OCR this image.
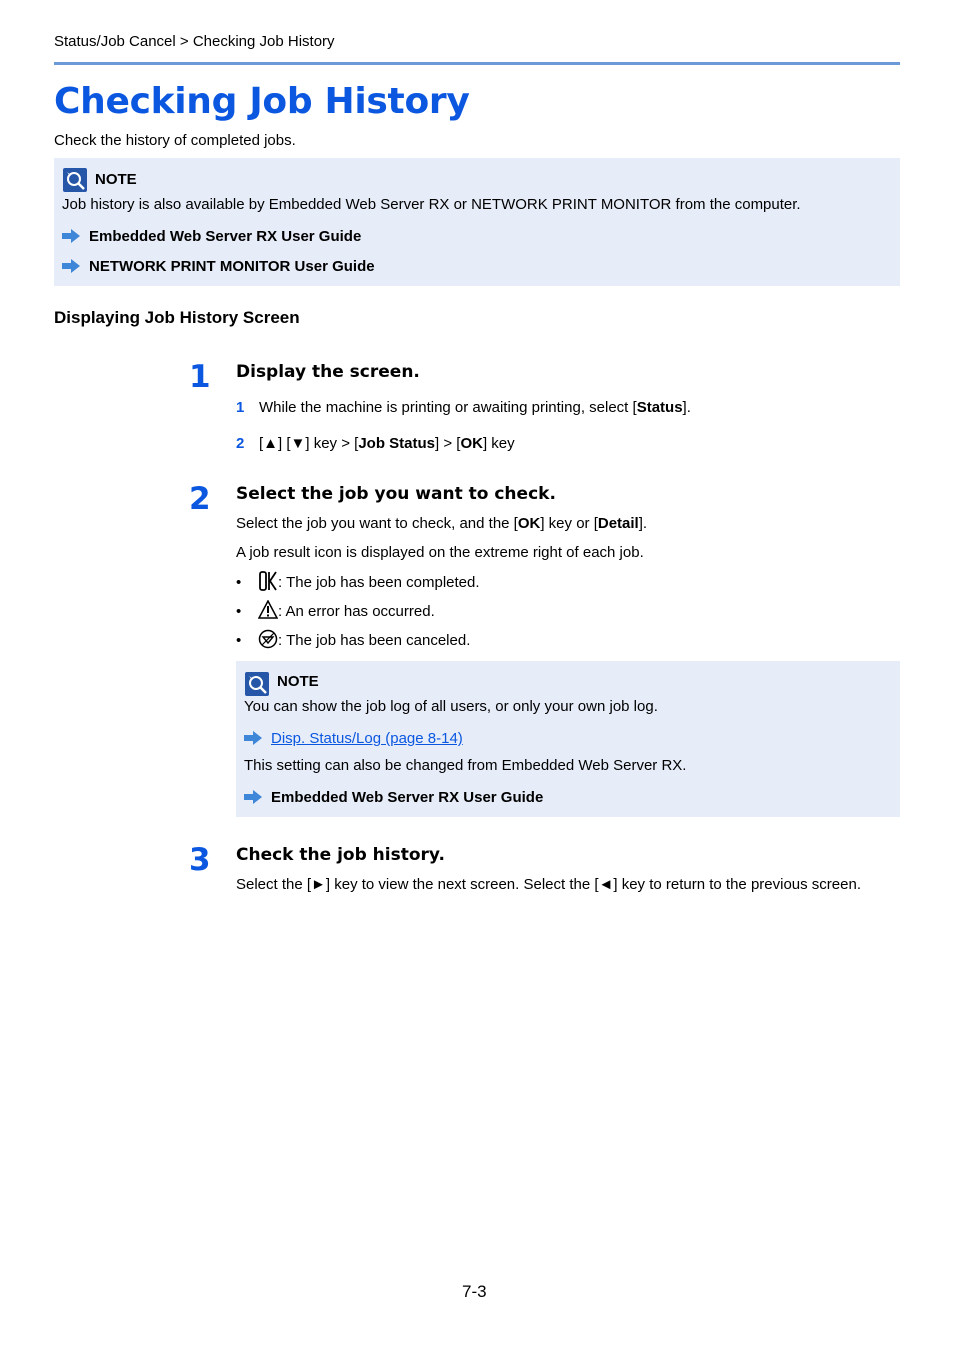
Status/Job Cancel > Checking Job History
Checking Job History
Check the history of completed jobs.
NOTE
Job history is also available by Embedded Web Server RX or NETWORK PRINT MONITOR from the computer.
Embedded Web Server RX User Guide
NETWORK PRINT MONITOR User Guide
Displaying Job History Screen
1 Display the screen.
1 While the machine is printing or awaiting printing, select [Status].
2 [▲] [▼] key > [Job Status] > [OK] key
2 Select the job you want to check.
Select the job you want to check, and the [OK] key or [Detail].
A job result icon is displayed on the extreme right of each job.
• : The job has been completed.
• : An error has occurred.
• : The job has been canceled.
NOTE
You can show the job log of all users, or only your own job log.
Disp. Status/Log (page 8-14)
This setting can also be changed from Embedded Web Server RX.
Embedded Web Server RX User Guide
3 Check the job history.
Select the [►] key to view the next screen. Select the [◄] key to return to the previous screen.
7-3
